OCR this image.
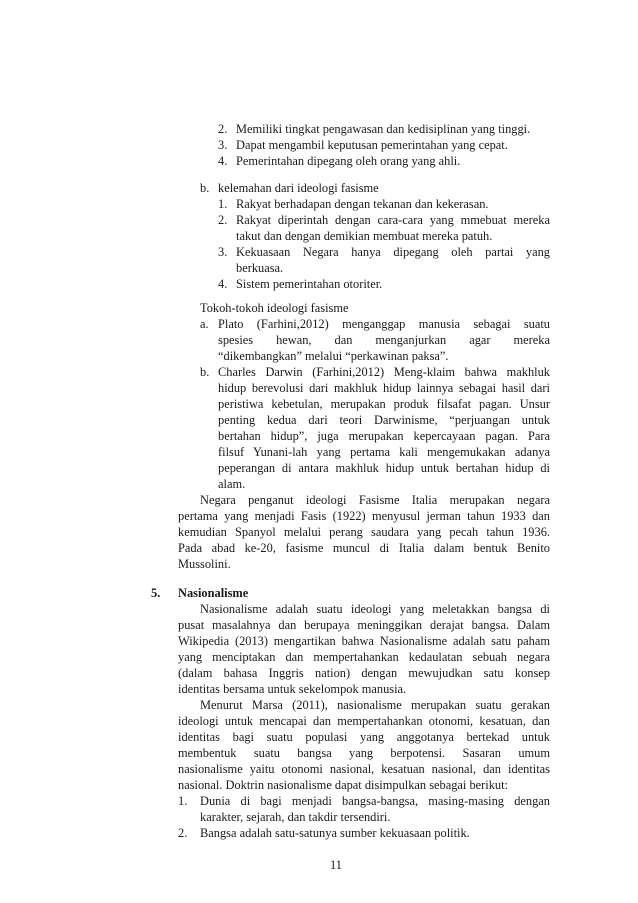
2. Memiliki tingkat pengawasan dan kedisiplinan yang tinggi.
3. Dapat mengambil keputusan pemerintahan yang cepat.
4. Pemerintahan dipegang oleh orang yang ahli.
b. kelemahan dari ideologi fasisme
1. Rakyat berhadapan dengan tekanan dan kekerasan.
2. Rakyat diperintah dengan cara-cara yang mmebuat mereka
takut dan dengan demikian membuat mereka patuh.
3. Kekuasaan Negara hanya dipegang oleh partai yang
berkuasa.
4. Sistem pemerintahan otoriter.
Tokoh-tokoh ideologi fasisme
a. Plato (Farhini,2012) menganggap manusia sebagai suatu
spesies hewan, dan menganjurkan agar mereka
“dikembangkan” melalui “perkawinan paksa”.
b. Charles Darwin (Farhini,2012) Meng-klaim bahwa makhluk
hidup berevolusi dari makhluk hidup lainnya sebagai hasil dari
peristiwa kebetulan, merupakan produk filsafat pagan. Unsur
penting kedua dari teori Darwinisme, “perjuangan untuk
bertahan hidup”, juga merupakan kepercayaan pagan. Para
filsuf Yunani-lah yang pertama kali mengemukakan adanya
peperangan di antara makhluk hidup untuk bertahan hidup di
alam.
Negara penganut ideologi Fasisme Italia merupakan negara
pertama yang menjadi Fasis (1922) menyusul jerman tahun 1933 dan
kemudian Spanyol melalui perang saudara yang pecah tahun 1936.
Pada abad ke-20, fasisme muncul di Italia dalam bentuk Benito
Mussolini.
5. Nasionalisme
Nasionalisme adalah suatu ideologi yang meletakkan bangsa di
pusat masalahnya dan berupaya meninggikan derajat bangsa. Dalam
Wikipedia (2013) mengartikan bahwa Nasionalisme adalah satu paham
yang menciptakan dan mempertahankan kedaulatan sebuah negara
(dalam bahasa Inggris nation) dengan mewujudkan satu konsep
identitas bersama untuk sekelompok manusia.
Menurut Marsa (2011), nasionalisme merupakan suatu gerakan
ideologi untuk mencapai dan mempertahankan otonomi, kesatuan, dan
identitas bagi suatu populasi yang anggotanya bertekad untuk
membentuk suatu bangsa yang berpotensi. Sasaran umum
nasionalisme yaitu otonomi nasional, kesatuan nasional, dan identitas
nasional. Doktrin nasionalisme dapat disimpulkan sebagai berikut:
1. Dunia di bagi menjadi bangsa-bangsa, masing-masing dengan
karakter, sejarah, dan takdir tersendiri.
2. Bangsa adalah satu-satunya sumber kekuasaan politik.
11
